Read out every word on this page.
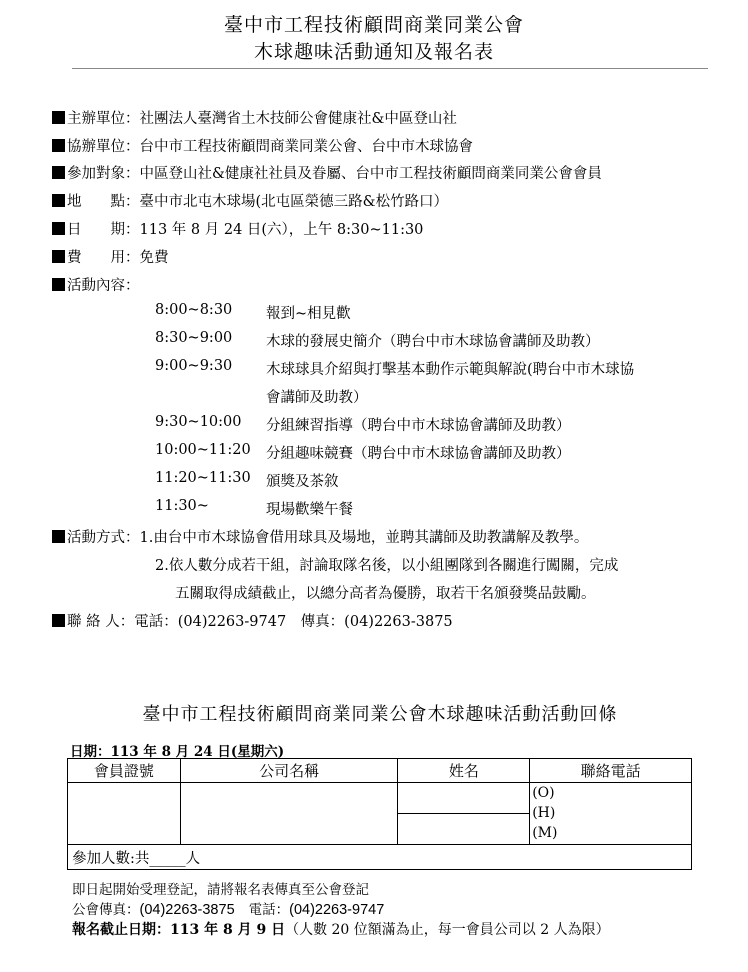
臺中市工程技術顧問商業同業公會
木球趣味活動通知及報名表
主辦單位：社團法人臺灣省土木技師公會健康社&中區登山社
協辦單位：台中市工程技術顧問商業同業公會、台中市木球協會
參加對象：中區登山社&健康社社員及眷屬、台中市工程技術顧問商業同業公會會員
地　　點：臺中市北屯木球場(北屯區榮德三路&松竹路口）
日　　期：113 年 8 月 24 日(六），上午 8:30~11:30
費　　用：免費
活動內容：
8:00~8:30 報到~相見歡
8:30~9:00 木球的發展史簡介（聘台中市木球協會講師及助教）
9:00~9:30 木球球具介紹與打擊基本動作示範與解說(聘台中市木球協
會講師及助教）
9:30~10:00 分組練習指導（聘台中市木球協會講師及助教）
10:00~11:20 分組趣味競賽（聘台中市木球協會講師及助教）
11:20~11:30 頒獎及茶敘
11:30~	現場歡樂午餐
活動方式：1.由台中市木球協會借用球具及場地，並聘其講師及助教講解及教學。
2.依人數分成若干組，討論取隊名後，以小組團隊到各關進行闖關，完成
五關取得成績截止，以總分高者為優勝，取若干名頒發獎品鼓勵。
聯 絡 人：電話：(04)2263-9747　傳真：(04)2263-3875
臺中市工程技術顧問商業同業公會木球趣味活動活動回條
日期：113 年 8 月 24 日(星期六)
會員證號	公司名稱	姓名	聯絡電話

			(O)
(H)
(M)

參加人數:共_____人			
即日起開始受理登記，請將報名表傳真至公會登記
公會傳真：(04)2263-3875 電話：(04)2263-9747
報名截止日期：113 年 8 月 9 日（人數 20 位額滿為止，每一會員公司以 2 人為限）
